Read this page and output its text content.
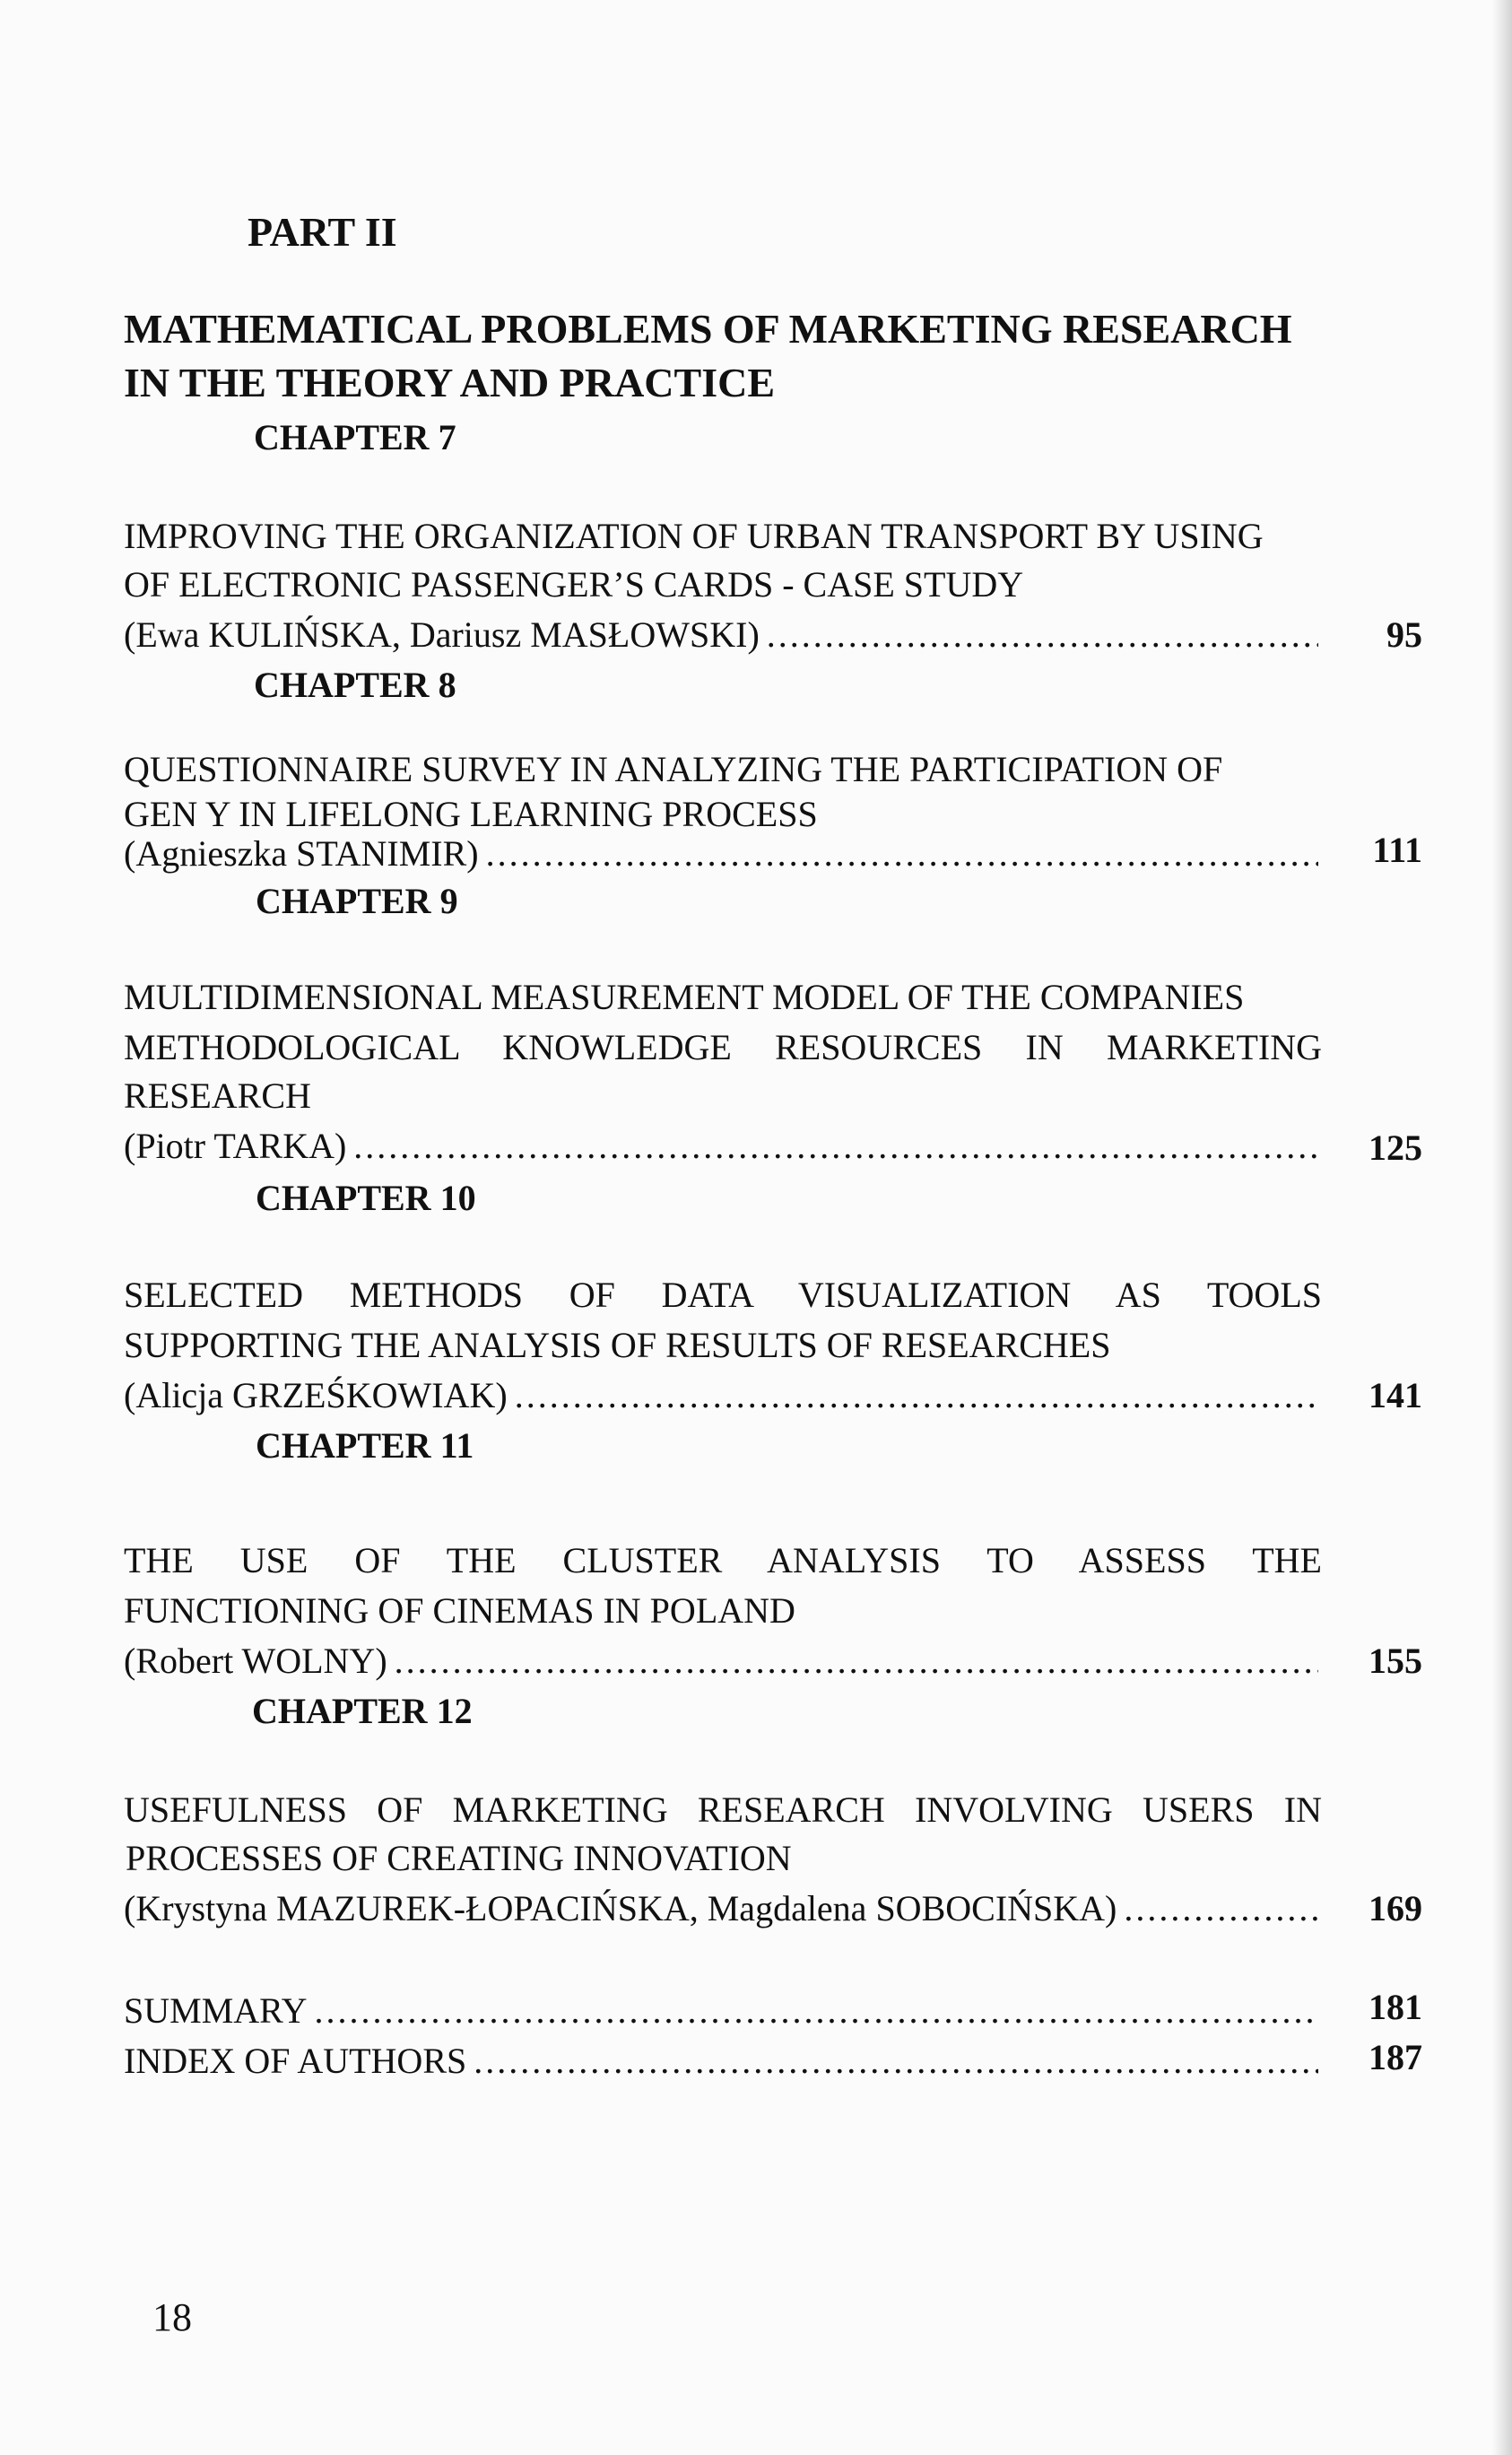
PART II
MATHEMATICAL PROBLEMS OF MARKETING RESEARCH
IN THE THEORY AND PRACTICE
CHAPTER 7
IMPROVING THE ORGANIZATION OF URBAN TRANSPORT BY USING
OF ELECTRONIC PASSENGER’S CARDS - CASE STUDY
(Ewa KULIŃSKA, Dariusz MASŁOWSKI) .....	95
CHAPTER 8
QUESTIONNAIRE SURVEY IN ANALYZING THE PARTICIPATION OF
GEN Y IN LIFELONG LEARNING PROCESS
(Agnieszka STANIMIR) .....	111
CHAPTER 9
MULTIDIMENSIONAL MEASUREMENT MODEL OF THE COMPANIES
METHODOLOGICAL KNOWLEDGE RESOURCES IN MARKETING
RESEARCH
(Piotr TARKA) .....	125
CHAPTER 10
SELECTED METHODS OF DATA VISUALIZATION AS TOOLS
SUPPORTING THE ANALYSIS OF RESULTS OF RESEARCHES
(Alicja GRZEŚKOWIAK) .....	141
CHAPTER 11
THE USE OF THE CLUSTER ANALYSIS TO ASSESS THE
FUNCTIONING OF CINEMAS IN POLAND
(Robert WOLNY) .....	155
CHAPTER 12
USEFULNESS OF MARKETING RESEARCH INVOLVING USERS IN
PROCESSES OF CREATING INNOVATION
(Krystyna MAZUREK-ŁOPACIŃSKA, Magdalena SOBOCIŃSKA) .....	169
SUMMARY .....	181
INDEX OF AUTHORS .....	187
18
